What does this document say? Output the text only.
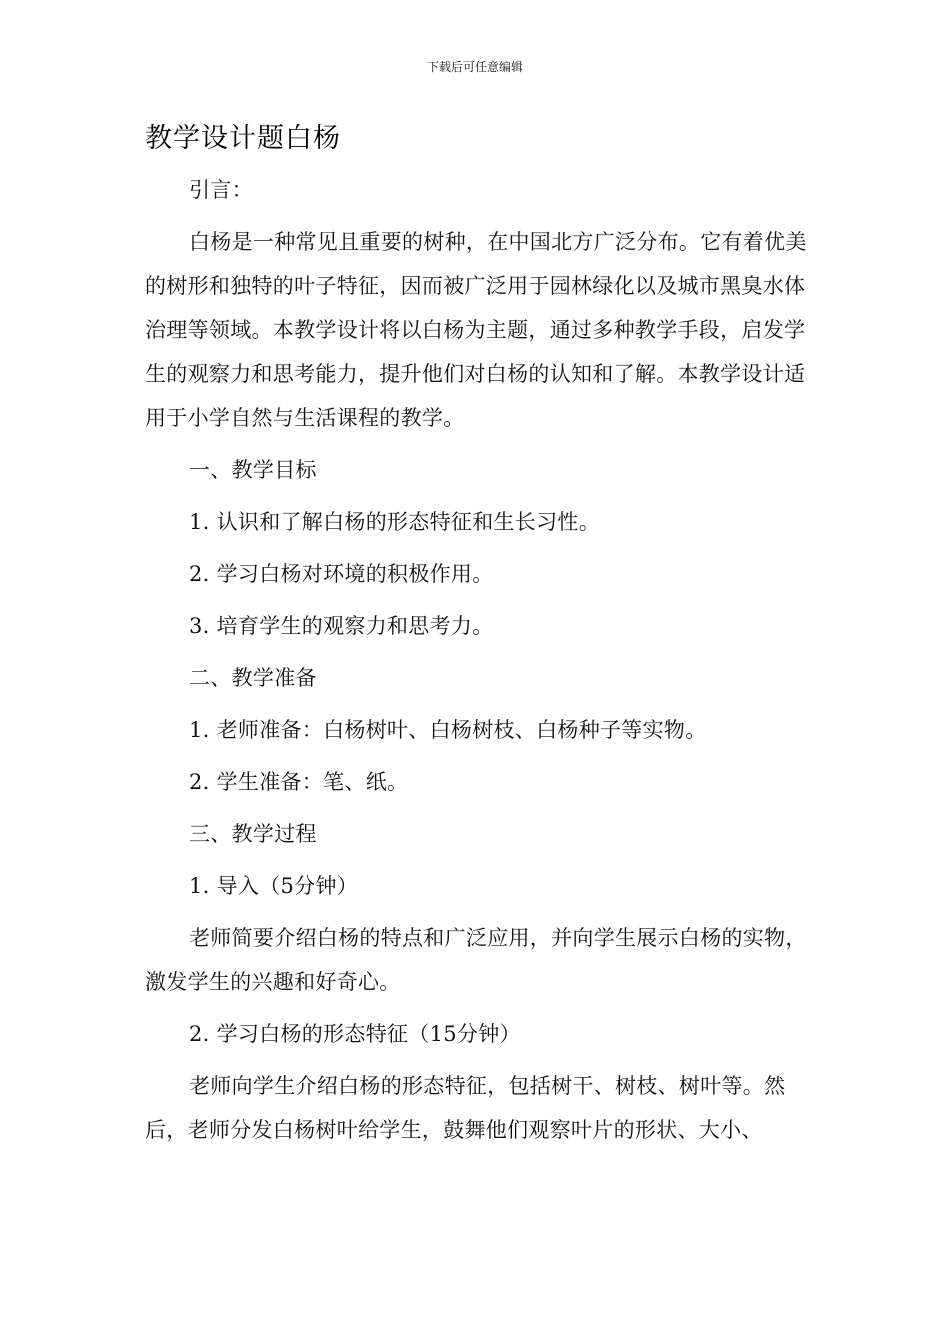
下载后可任意编辑
教学设计题白杨

引言：

白杨是一种常见且重要的树种，在中国北方广泛分布。它有着优美的树形和独特的叶子特征，因而被广泛用于园林绿化以及城市黑臭水体治理等领域。本教学设计将以白杨为主题，通过多种教学手段，启发学生的观察力和思考能力，提升他们对白杨的认知和了解。本教学设计适用于小学自然与生活课程的教学。

一、教学目标

1. 认识和了解白杨的形态特征和生长习性。

2. 学习白杨对环境的积极作用。

3. 培育学生的观察力和思考力。

二、教学准备

1. 老师准备：白杨树叶、白杨树枝、白杨种子等实物。

2. 学生准备：笔、纸。

三、教学过程

1. 导入（5分钟）

老师简要介绍白杨的特点和广泛应用，并向学生展示白杨的实物，激发学生的兴趣和好奇心。

2. 学习白杨的形态特征（15分钟）

老师向学生介绍白杨的形态特征，包括树干、树枝、树叶等。然后，老师分发白杨树叶给学生，鼓舞他们观察叶片的形状、大小、
